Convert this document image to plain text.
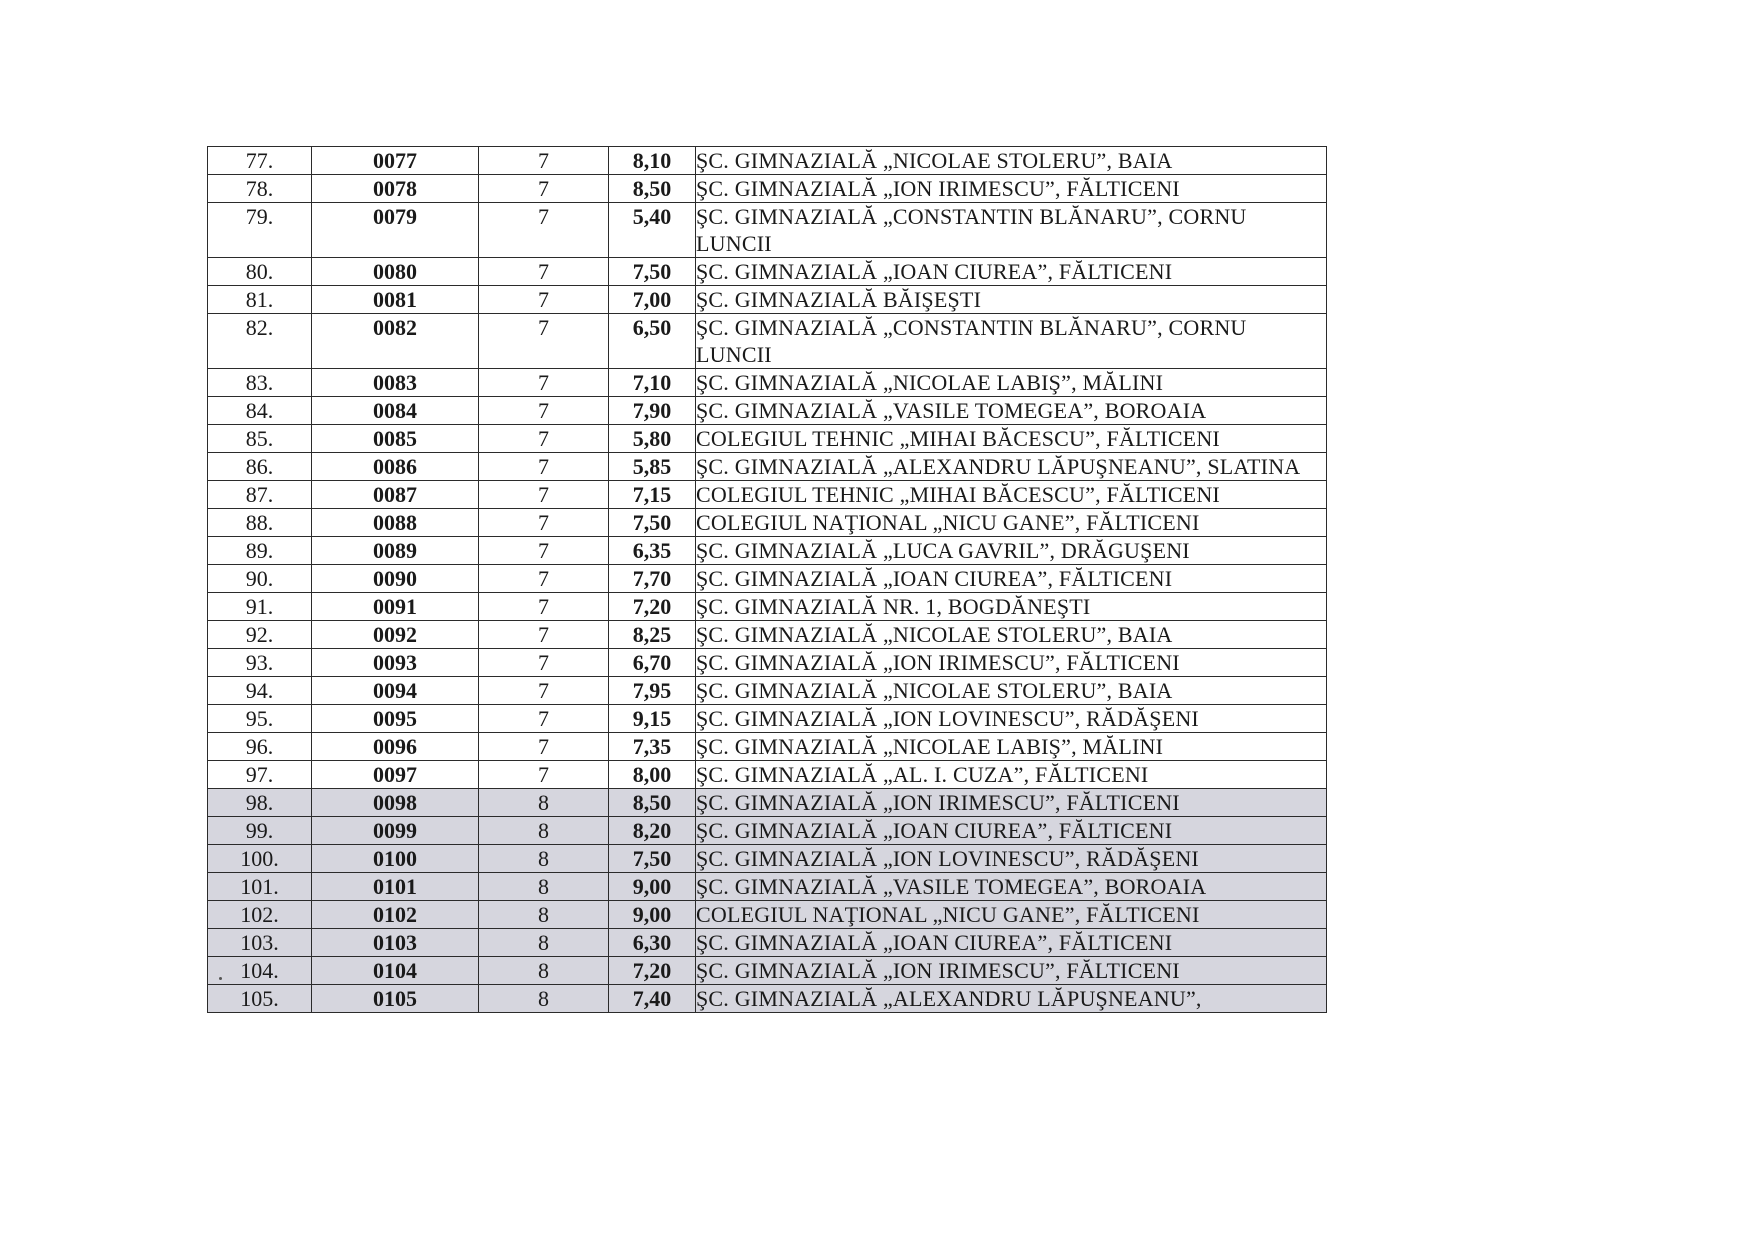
77.	0077	7	8,10	ŞC. GIMNAZIALĂ „NICOLAE STOLERU”, BAIA
78.	0078	7	8,50	ŞC. GIMNAZIALĂ „ION IRIMESCU”, FĂLTICENI
79.	0079	7	5,40	ŞC. GIMNAZIALĂ „CONSTANTIN BLĂNARU”, CORNU LUNCII
80.	0080	7	7,50	ŞC. GIMNAZIALĂ „IOAN CIUREA”, FĂLTICENI
81.	0081	7	7,00	ŞC. GIMNAZIALĂ BĂIŞEŞTI
82.	0082	7	6,50	ŞC. GIMNAZIALĂ „CONSTANTIN BLĂNARU”, CORNU LUNCII
83.	0083	7	7,10	ŞC. GIMNAZIALĂ „NICOLAE LABIŞ”, MĂLINI
84.	0084	7	7,90	ŞC. GIMNAZIALĂ „VASILE TOMEGEA”, BOROAIA
85.	0085	7	5,80	COLEGIUL TEHNIC „MIHAI BĂCESCU”, FĂLTICENI
86.	0086	7	5,85	ŞC. GIMNAZIALĂ „ALEXANDRU LĂPUŞNEANU”, SLATINA
87.	0087	7	7,15	COLEGIUL TEHNIC „MIHAI BĂCESCU”, FĂLTICENI
88.	0088	7	7,50	COLEGIUL NAŢIONAL „NICU GANE”, FĂLTICENI
89.	0089	7	6,35	ŞC. GIMNAZIALĂ „LUCA GAVRIL”, DRĂGUŞENI
90.	0090	7	7,70	ŞC. GIMNAZIALĂ „IOAN CIUREA”, FĂLTICENI
91.	0091	7	7,20	ŞC. GIMNAZIALĂ NR. 1, BOGDĂNEŞTI
92.	0092	7	8,25	ŞC. GIMNAZIALĂ „NICOLAE STOLERU”, BAIA
93.	0093	7	6,70	ŞC. GIMNAZIALĂ „ION IRIMESCU”, FĂLTICENI
94.	0094	7	7,95	ŞC. GIMNAZIALĂ „NICOLAE STOLERU”, BAIA
95.	0095	7	9,15	ŞC. GIMNAZIALĂ „ION LOVINESCU”, RĂDĂŞENI
96.	0096	7	7,35	ŞC. GIMNAZIALĂ „NICOLAE LABIŞ”, MĂLINI
97.	0097	7	8,00	ŞC. GIMNAZIALĂ „AL. I. CUZA”, FĂLTICENI
98.	0098	8	8,50	ŞC. GIMNAZIALĂ „ION IRIMESCU”, FĂLTICENI
99.	0099	8	8,20	ŞC. GIMNAZIALĂ „IOAN CIUREA”, FĂLTICENI
100.	0100	8	7,50	ŞC. GIMNAZIALĂ „ION LOVINESCU”, RĂDĂŞENI
101.	0101	8	9,00	ŞC. GIMNAZIALĂ „VASILE TOMEGEA”, BOROAIA
102.	0102	8	9,00	COLEGIUL NAŢIONAL „NICU GANE”, FĂLTICENI
103.	0103	8	6,30	ŞC. GIMNAZIALĂ „IOAN CIUREA”, FĂLTICENI
104.	0104	8	7,20	ŞC. GIMNAZIALĂ „ION IRIMESCU”, FĂLTICENI
105.	0105	8	7,40	ŞC. GIMNAZIALĂ „ALEXANDRU LĂPUŞNEANU”,
